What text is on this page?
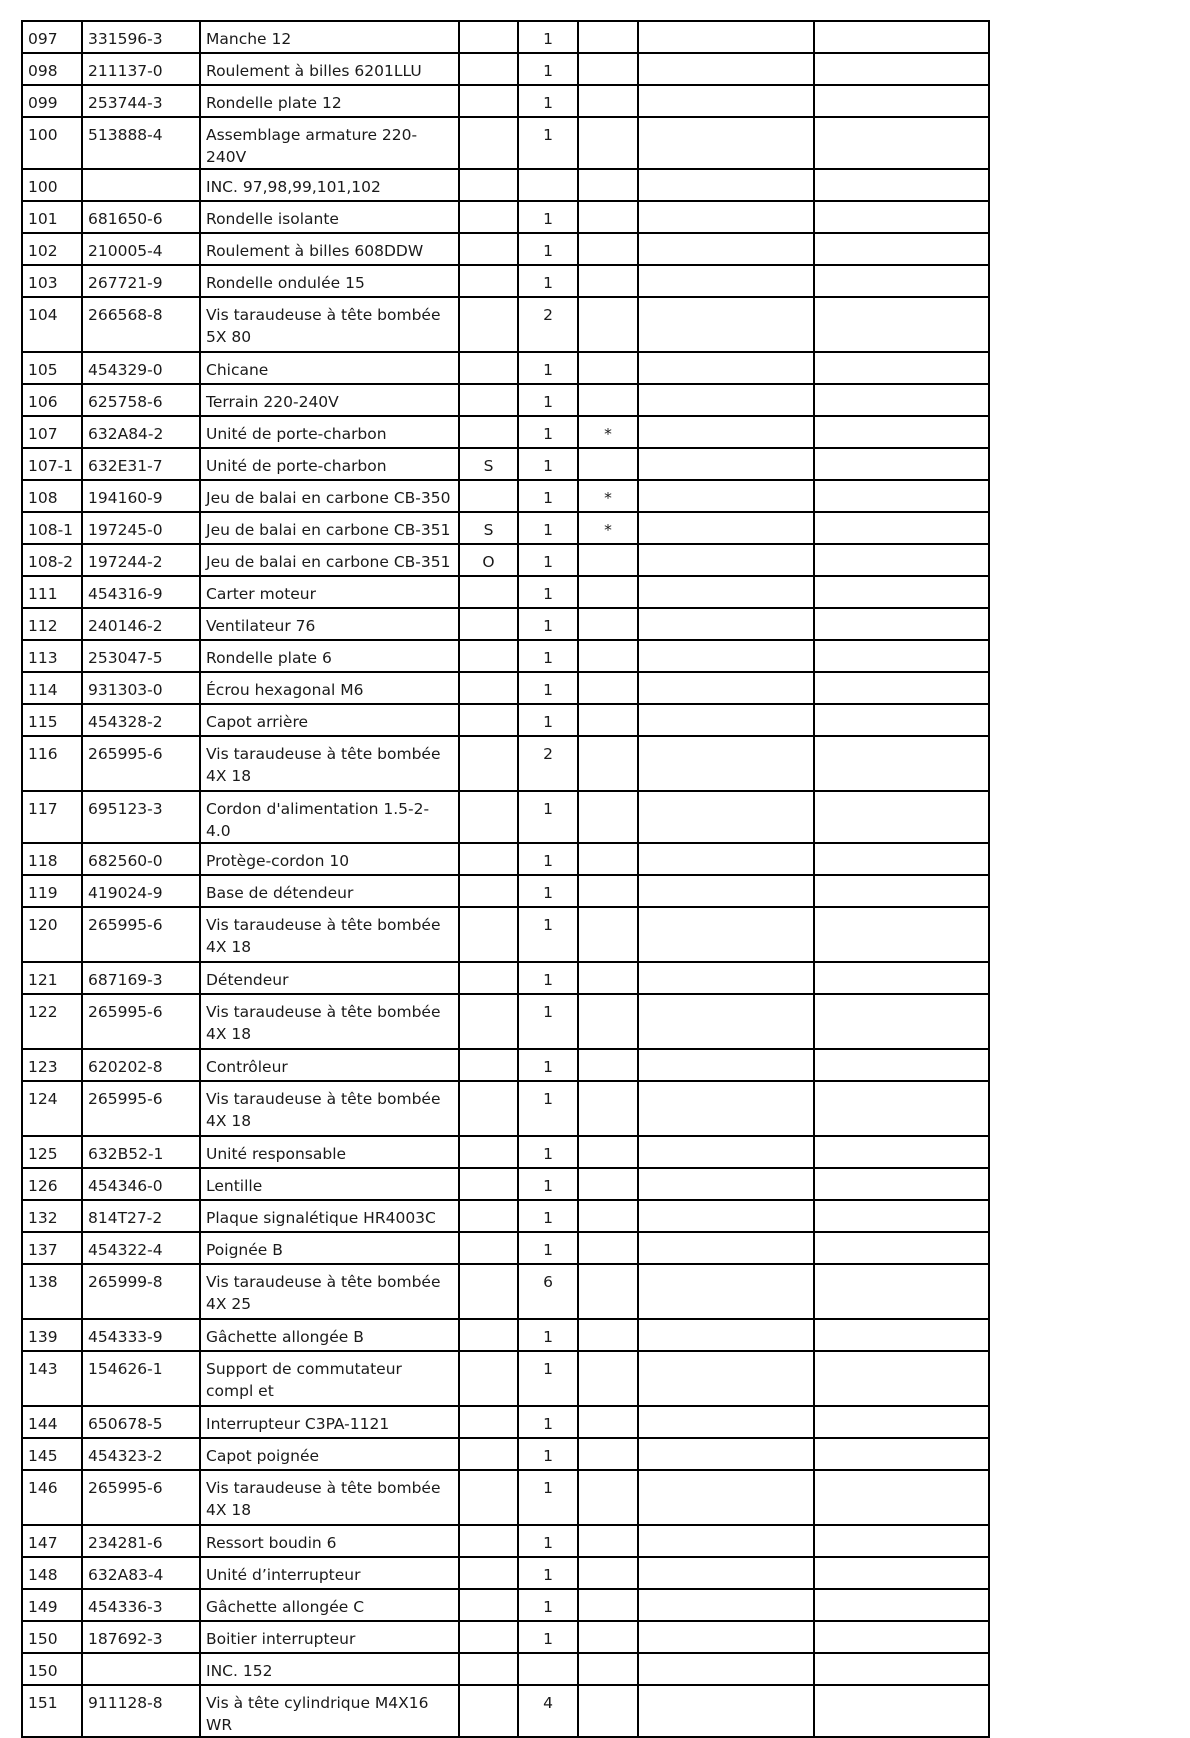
097	331596-3	Manche 12		1			
098	211137-0	Roulement à billes 6201LLU		1			
099	253744-3	Rondelle plate 12		1			
100	513888-4	Assemblage armature 220-240V		1			
100		INC. 97,98,99,101,102					
101	681650-6	Rondelle isolante		1			
102	210005-4	Roulement à billes 608DDW		1			
103	267721-9	Rondelle ondulée 15		1			
104	266568-8	Vis taraudeuse à tête bombée 5X 80		2			
105	454329-0	Chicane		1			
106	625758-6	Terrain 220-240V		1			
107	632A84-2	Unité de porte-charbon		1	*		
107-1	632E31-7	Unité de porte-charbon	S	1			
108	194160-9	Jeu de balai en carbone CB-350		1	*		
108-1	197245-0	Jeu de balai en carbone CB-351	S	1	*		
108-2	197244-2	Jeu de balai en carbone CB-351	O	1			
111	454316-9	Carter moteur		1			
112	240146-2	Ventilateur 76		1			
113	253047-5	Rondelle plate 6		1			
114	931303-0	Écrou hexagonal M6		1			
115	454328-2	Capot arrière		1			
116	265995-6	Vis taraudeuse à tête bombée 4X 18		2			
117	695123-3	Cordon d'alimentation 1.5-2-4.0		1			
118	682560-0	Protège-cordon 10		1			
119	419024-9	Base de détendeur		1			
120	265995-6	Vis taraudeuse à tête bombée 4X 18		1			
121	687169-3	Détendeur		1			
122	265995-6	Vis taraudeuse à tête bombée 4X 18		1			
123	620202-8	Contrôleur		1			
124	265995-6	Vis taraudeuse à tête bombée 4X 18		1			
125	632B52-1	Unité responsable		1			
126	454346-0	Lentille		1			
132	814T27-2	Plaque signalétique HR4003C		1			
137	454322-4	Poignée B		1			
138	265999-8	Vis taraudeuse à tête bombée 4X 25		6			
139	454333-9	Gâchette allongée B		1			
143	154626-1	Support de commutateur compl et		1			
144	650678-5	Interrupteur C3PA-1121		1			
145	454323-2	Capot poignée		1			
146	265995-6	Vis taraudeuse à tête bombée 4X 18		1			
147	234281-6	Ressort boudin 6		1			
148	632A83-4	Unité d’interrupteur		1			
149	454336-3	Gâchette allongée C		1			
150	187692-3	Boitier interrupteur		1			
150		INC. 152					
151	911128-8	Vis à tête cylindrique M4X16 WR		4			
